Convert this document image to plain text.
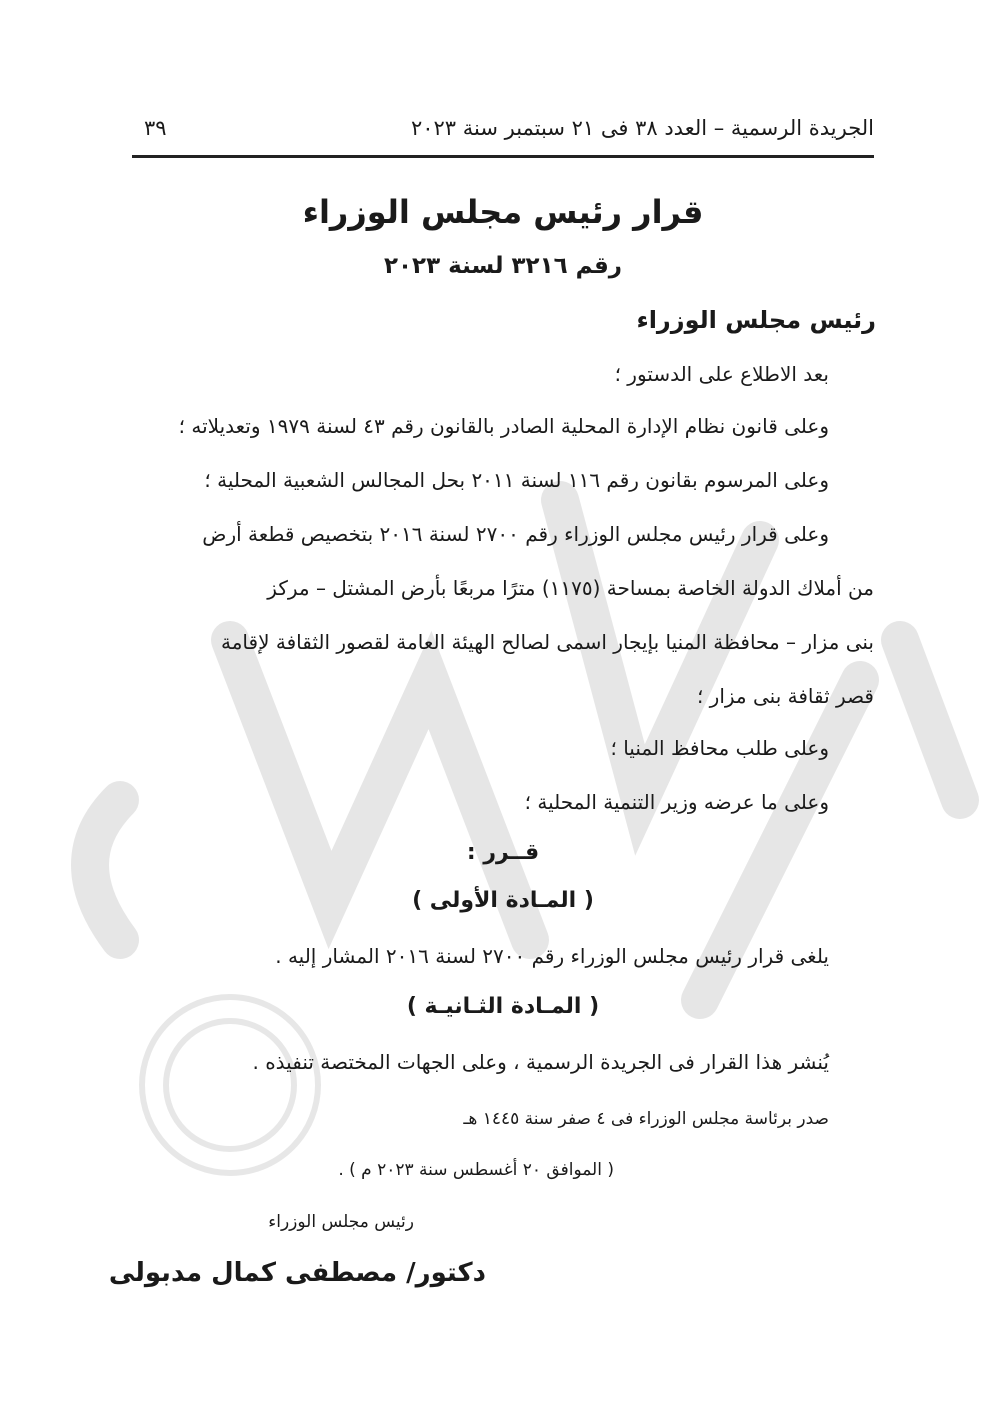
الجريدة الرسمية – العدد ٣٨ فى ٢١ سبتمبر سنة ٢٠٢٣
٣٩
قرار رئيس مجلس الوزراء
رقم ٣٢١٦ لسنة ٢٠٢٣
رئيس مجلس الوزراء
بعد الاطلاع على الدستور ؛
وعلى قانون نظام الإدارة المحلية الصادر بالقانون رقم ٤٣ لسنة ١٩٧٩ وتعديلاته ؛
وعلى المرسوم بقانون رقم ١١٦ لسنة ٢٠١١ بحل المجالس الشعبية المحلية ؛
وعلى قرار رئيس مجلس الوزراء رقم ٢٧٠٠ لسنة ٢٠١٦ بتخصيص قطعة أرض
من أملاك الدولة الخاصة بمساحة (١١٧٥) مترًا مربعًا بأرض المشتل – مركز
بنى مزار – محافظة المنيا بإيجار اسمى لصالح الهيئة العامة لقصور الثقافة لإقامة
قصر ثقافة بنى مزار ؛
وعلى طلب محافظ المنيا ؛
وعلى ما عرضه وزير التنمية المحلية ؛
قــرر :
( المـادة الأولى )
يلغى قرار رئيس مجلس الوزراء رقم ٢٧٠٠ لسنة ٢٠١٦ المشار إليه .
( المـادة الثـانيـة )
يُنشر هذا القرار فى الجريدة الرسمية ، وعلى الجهات المختصة تنفيذه .
صدر برئاسة مجلس الوزراء فى ٤ صفر سنة ١٤٤٥ هـ
( الموافق ٢٠ أغسطس سنة ٢٠٢٣ م ) .
رئيس مجلس الوزراء
دكتور/ مصطفى كمال مدبولى
